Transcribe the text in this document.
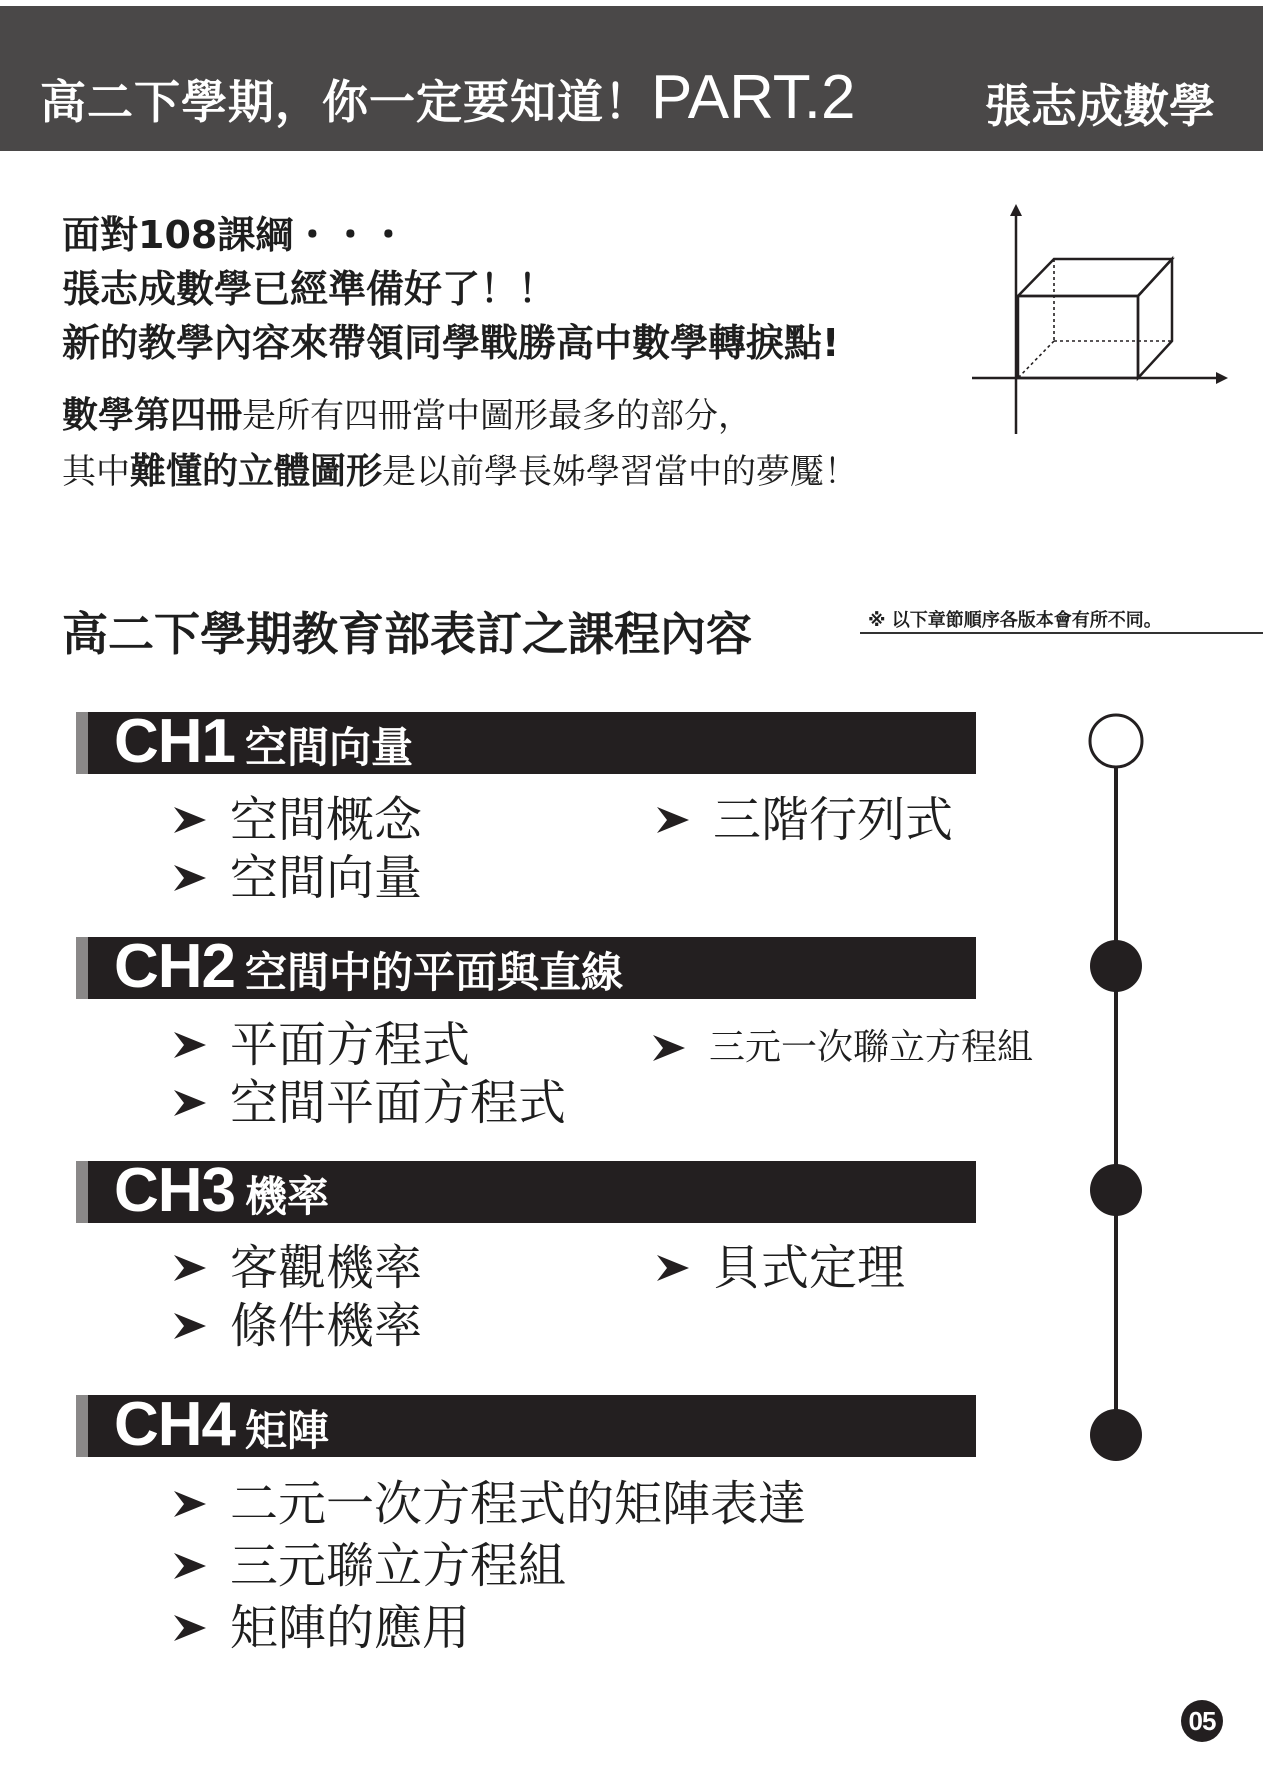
高二下學期，你一定要知道！PART.2	張志成數學
面對108課綱・・・
張志成數學已經準備好了！！
新的教學內容來帶領同學戰勝高中數學轉捩點!
數學第四冊是所有四冊當中圖形最多的部分，
其中難懂的立體圖形是以前學長姊學習當中的夢魘！
高二下學期教育部表訂之課程內容	※ 以下章節順序各版本會有所不同。
CH1 空間向量
空間概念
空間向量
三階行列式
CH2 空間中的平面與直線
平面方程式
空間平面方程式
三元一次聯立方程組
CH3 機率
客觀機率
條件機率
貝式定理
CH4 矩陣
二元一次方程式的矩陣表達
三元聯立方程組
矩陣的應用
05
